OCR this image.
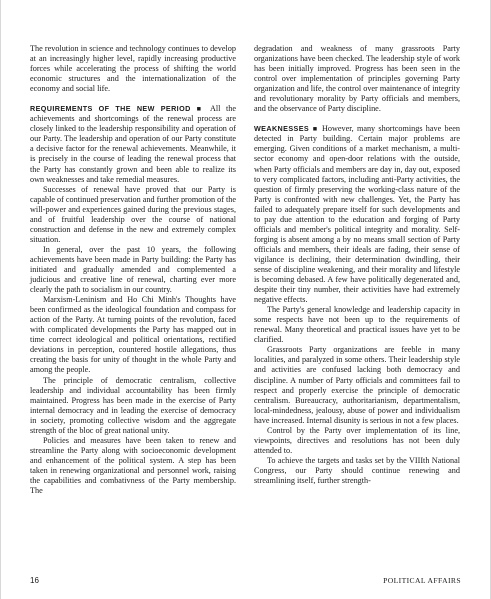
The revolution in science and technology continues to develop at an increasingly higher level, rapidly increasing productive forces while accelerating the process of shifting the world economic structures and the internationalization of the economy and social life.

REQUIREMENTS OF THE NEW PERIOD ■ All the achievements and shortcomings of the renewal process are closely linked to the leadership responsibility and operation of our Party. The leadership and operation of our Party constitute a decisive factor for the renewal achievements. Meanwhile, it is precisely in the course of leading the renewal process that the Party has constantly grown and been able to realize its own weaknesses and take remedial measures.

Successes of renewal have proved that our Party is capable of continued preservation and further promotion of the will-power and experiences gained during the previous stages, and of fruitful leadership over the course of national construction and defense in the new and extremely complex situation.

In general, over the past 10 years, the following achievements have been made in Party building: the Party has initiated and gradually amended and complemented a judicious and creative line of renewal, charting ever more clearly the path to socialism in our country.

Marxism-Leninism and Ho Chi Minh's Thoughts have been confirmed as the ideological foundation and compass for action of the Party. At turning points of the revolution, faced with complicated developments the Party has mapped out in time correct ideological and political orientations, rectified deviations in perception, countered hostile allegations, thus creating the basis for unity of thought in the whole Party and among the people.

The principle of democratic centralism, collective leadership and individual accountability has been firmly maintained. Progress has been made in the exercise of Party internal democracy and in leading the exercise of democracy in society, promoting collective wisdom and the aggregate strength of the bloc of great national unity.

Policies and measures have been taken to renew and streamline the Party along with socioeconomic development and enhancement of the political system. A step has been taken in renewing organizational and personnel work, raising the capabilities and combativness of the Party membership. The

degradation and weakness of many grassroots Party organizations have been checked. The leadership style of work has been initially improved. Progress has been seen in the control over implementation of principles governing Party organization and life, the control over maintenance of integrity and revolutionary morality by Party officials and members, and the observance of Party discipline.

WEAKNESSES ■ However, many shortcomings have been detected in Party building. Certain major problems are emerging. Given conditions of a market mechanism, a multi-sector economy and open-door relations with the outside, when Party officials and members are day in, day out, exposed to very complicated factors, including anti-Party activities, the question of firmly preserving the working-class nature of the Party is confronted with new challenges. Yet, the Party has failed to adequately prepare itself for such developments and to pay due attention to the education and forging of Party officials and member's political integrity and morality. Self-forging is absent among a by no means small section of Party officials and members, their ideals are fading, their sense of vigilance is declining, their determination dwindling, their sense of discipline weakening, and their morality and lifestyle is becoming debased. A few have politically degenerated and, despite their tiny number, their activities have had extremely negative effects.

The Party's general knowledge and leadership capacity in some respects have not been up to the requirements of renewal. Many theoretical and practical issues have yet to be clarified.

Grassroots Party organizations are feeble in many localities, and paralyzed in some others. Their leadership style and activities are confused lacking both democracy and discipline. A number of Party officials and committees fail to respect and properly exercise the principle of democratic centralism. Bureaucracy, authoritarianism, departmentalism, local-mindedness, jealousy, abuse of power and individualism have increased. Internal disunity is serious in not a few places.

Control by the Party over implementation of its line, viewpoints, directives and resolutions has not been duly attended to.

To achieve the targets and tasks set by the VIIIth National Congress, our Party should continue renewing and streamlining itself, further strength-

16	POLITICAL AFFAIRS
